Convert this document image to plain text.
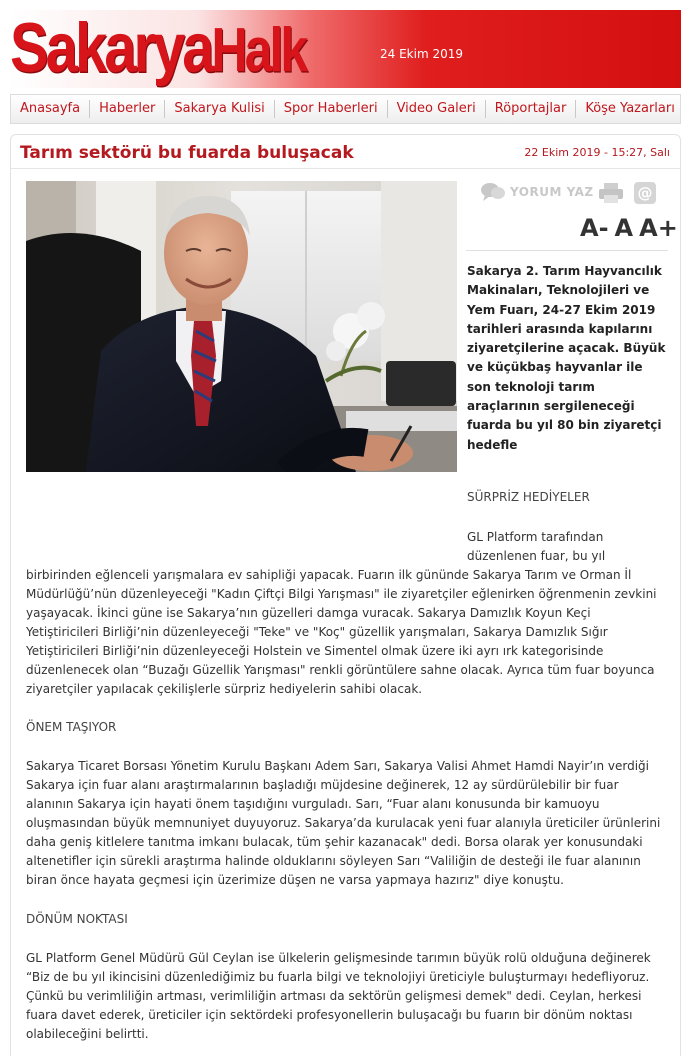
Sakarya Halk	24 Ekim 2019
Anasayfa	Haberler	Sakarya Kulisi	Spor Haberleri	Video Galeri	Röportajlar	Köşe Yazarları
Tarım sektörü bu fuarda buluşacak	22 Ekim 2019 - 15:27, Salı
YORUM YAZ	@
A- A A+

Sakarya 2. Tarım Hayvancılık Makinaları, Teknolojileri ve Yem Fuarı, 24-27 Ekim 2019 tarihleri arasında kapılarını ziyaretçilerine açacak. Büyük ve küçükbaş hayvanlar ile son teknoloji tarım araçlarının sergileneceği fuarda bu yıl 80 bin ziyaretçi hedefle

SÜRPRİZ HEDİYELER

GL Platform tarafından düzenlenen fuar, bu yıl

birbirinden eğlenceli yarışmalara ev sahipliği yapacak. Fuarın ilk gününde Sakarya Tarım ve Orman İl Müdürlüğü’nün düzenleyeceği "Kadın Çiftçi Bilgi Yarışması" ile ziyaretçiler eğlenirken öğrenmenin zevkini yaşayacak. İkinci güne ise Sakarya’nın güzelleri damga vuracak. Sakarya Damızlık Koyun Keçi Yetiştiricileri Birliği’nin düzenleyeceği "Teke" ve "Koç" güzellik yarışmaları, Sakarya Damızlık Sığır Yetiştiricileri Birliği’nin düzenleyeceği Holstein ve Simentel olmak üzere iki ayrı ırk kategorisinde düzenlenecek olan “Buzağı Güzellik Yarışması" renkli görüntülere sahne olacak. Ayrıca tüm fuar boyunca ziyaretçiler yapılacak çekilişlerle sürpriz hediyelerin sahibi olacak.

ÖNEM TAŞIYOR

Sakarya Ticaret Borsası Yönetim Kurulu Başkanı Adem Sarı, Sakarya Valisi Ahmet Hamdi Nayir’ın verdiği Sakarya için fuar alanı araştırmalarının başladığı müjdesine değinerek, 12 ay sürdürülebilir bir fuar alanının Sakarya için hayati önem taşıdığını vurguladı. Sarı, “Fuar alanı konusunda bir kamuoyu oluşmasından büyük memnuniyet duyuyoruz. Sakarya’da kurulacak yeni fuar alanıyla üreticiler ürünlerini daha geniş kitlelere tanıtma imkanı bulacak, tüm şehir kazanacak" dedi. Borsa olarak yer konusundaki altenetifler için sürekli araştırma halinde olduklarını söyleyen Sarı “Valiliğin de desteği ile fuar alanının biran önce hayata geçmesi için üzerimize düşen ne varsa yapmaya hazırız" diye konuştu.

DÖNÜM NOKTASI

GL Platform Genel Müdürü Gül Ceylan ise ülkelerin gelişmesinde tarımın büyük rolü olduğuna değinerek “Biz de bu yıl ikincisini düzenlediğimiz bu fuarla bilgi ve teknolojiyi üreticiyle buluşturmayı hedefliyoruz. Çünkü bu verimliliğin artması, verimliliğin artması da sektörün gelişmesi demek" dedi. Ceylan, herkesi fuara davet ederek, üreticiler için sektördeki profesyonellerin buluşacağı bu fuarın bir dönüm noktası olabileceğini belirtti.
